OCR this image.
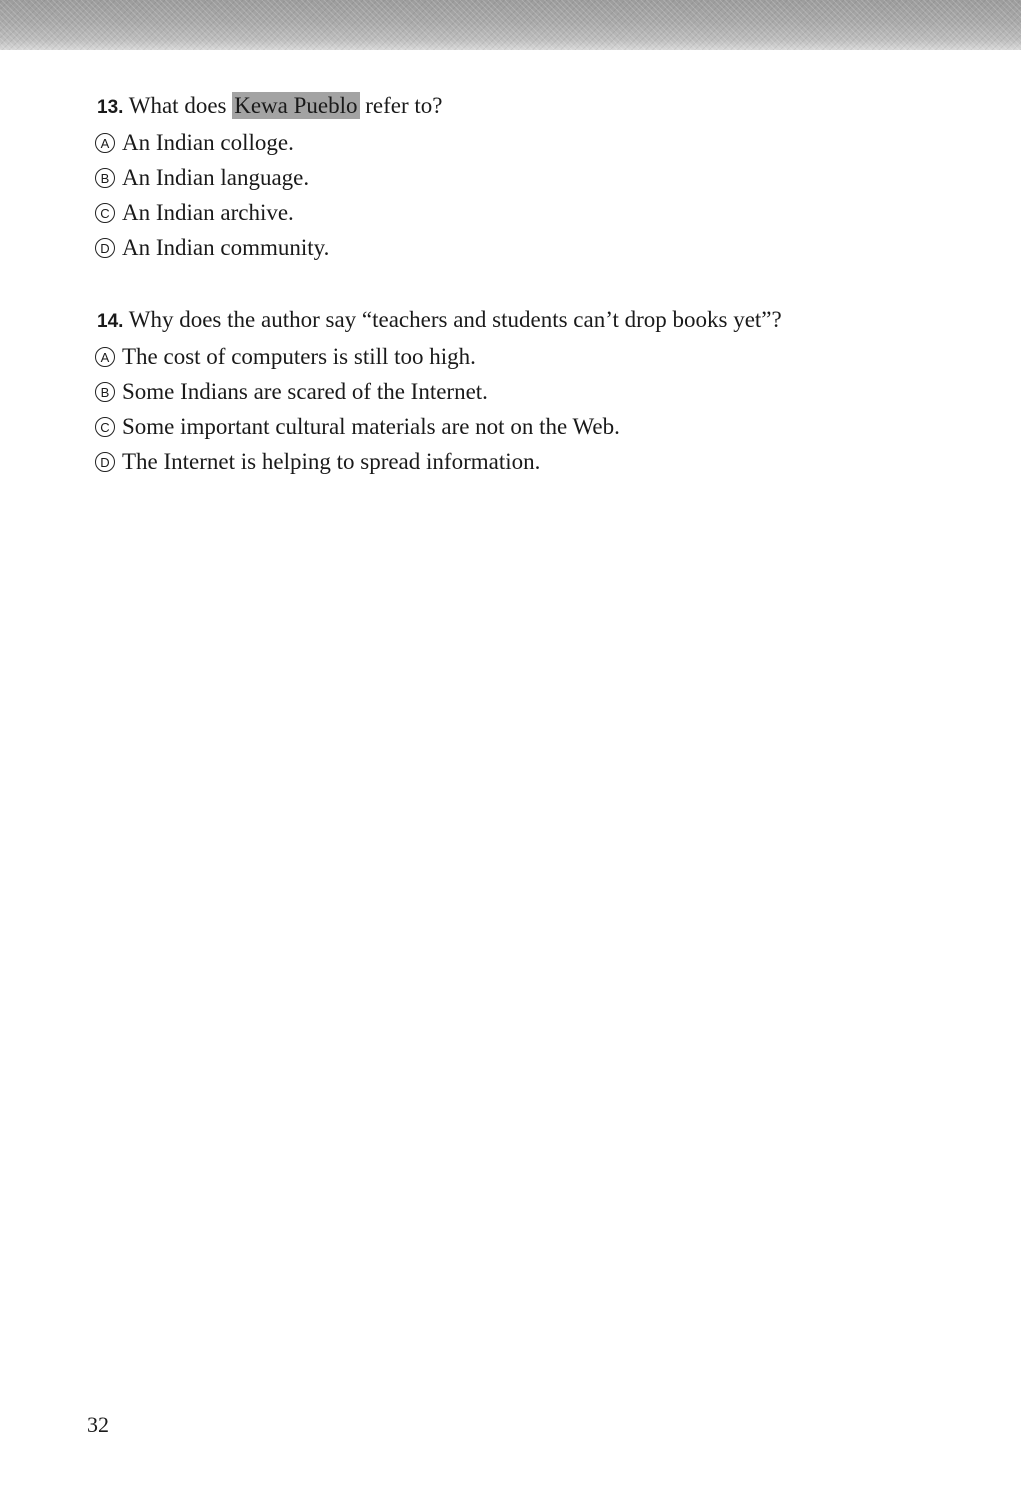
13. What does Kewa Pueblo refer to?
A An Indian colloge.
B An Indian language.
C An Indian archive.
D An Indian community.
14. Why does the author say “teachers and students can’t drop books yet”?
A The cost of computers is still too high.
B Some Indians are scared of the Internet.
C Some important cultural materials are not on the Web.
D The Internet is helping to spread information.
32
